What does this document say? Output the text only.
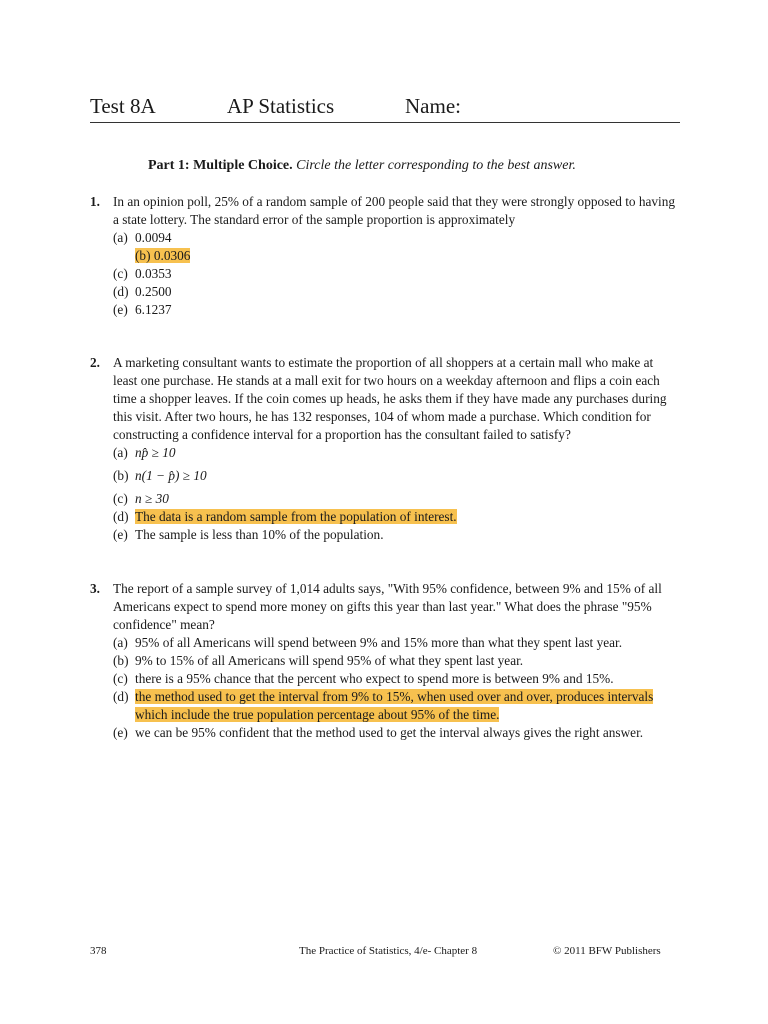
Test 8A	AP Statistics	Name:
Part 1: Multiple Choice. Circle the letter corresponding to the best answer.
1. In an opinion poll, 25% of a random sample of 200 people said that they were strongly opposed to having a state lottery. The standard error of the sample proportion is approximately
(a) 0.0094
(b) 0.0306
(c) 0.0353
(d) 0.2500
(e) 6.1237
2. A marketing consultant wants to estimate the proportion of all shoppers at a certain mall who make at least one purchase. He stands at a mall exit for two hours on a weekday afternoon and flips a coin each time a shopper leaves. If the coin comes up heads, he asks them if they have made any purchases during this visit. After two hours, he has 132 responses, 104 of whom made a purchase. Which condition for constructing a confidence interval for a proportion has the consultant failed to satisfy?
(a) np̂ ≥ 10
(b) n(1 − p̂) ≥ 10
(c) n ≥ 30
(d) The data is a random sample from the population of interest.
(e) The sample is less than 10% of the population.
3. The report of a sample survey of 1,014 adults says, "With 95% confidence, between 9% and 15% of all Americans expect to spend more money on gifts this year than last year." What does the phrase "95% confidence" mean?
(a) 95% of all Americans will spend between 9% and 15% more than what they spent last year.
(b) 9% to 15% of all Americans will spend 95% of what they spent last year.
(c) there is a 95% chance that the percent who expect to spend more is between 9% and 15%.
(d) the method used to get the interval from 9% to 15%, when used over and over, produces intervals which include the true population percentage about 95% of the time.
(e) we can be 95% confident that the method used to get the interval always gives the right answer.
378	The Practice of Statistics, 4/e- Chapter 8	© 2011 BFW Publishers
